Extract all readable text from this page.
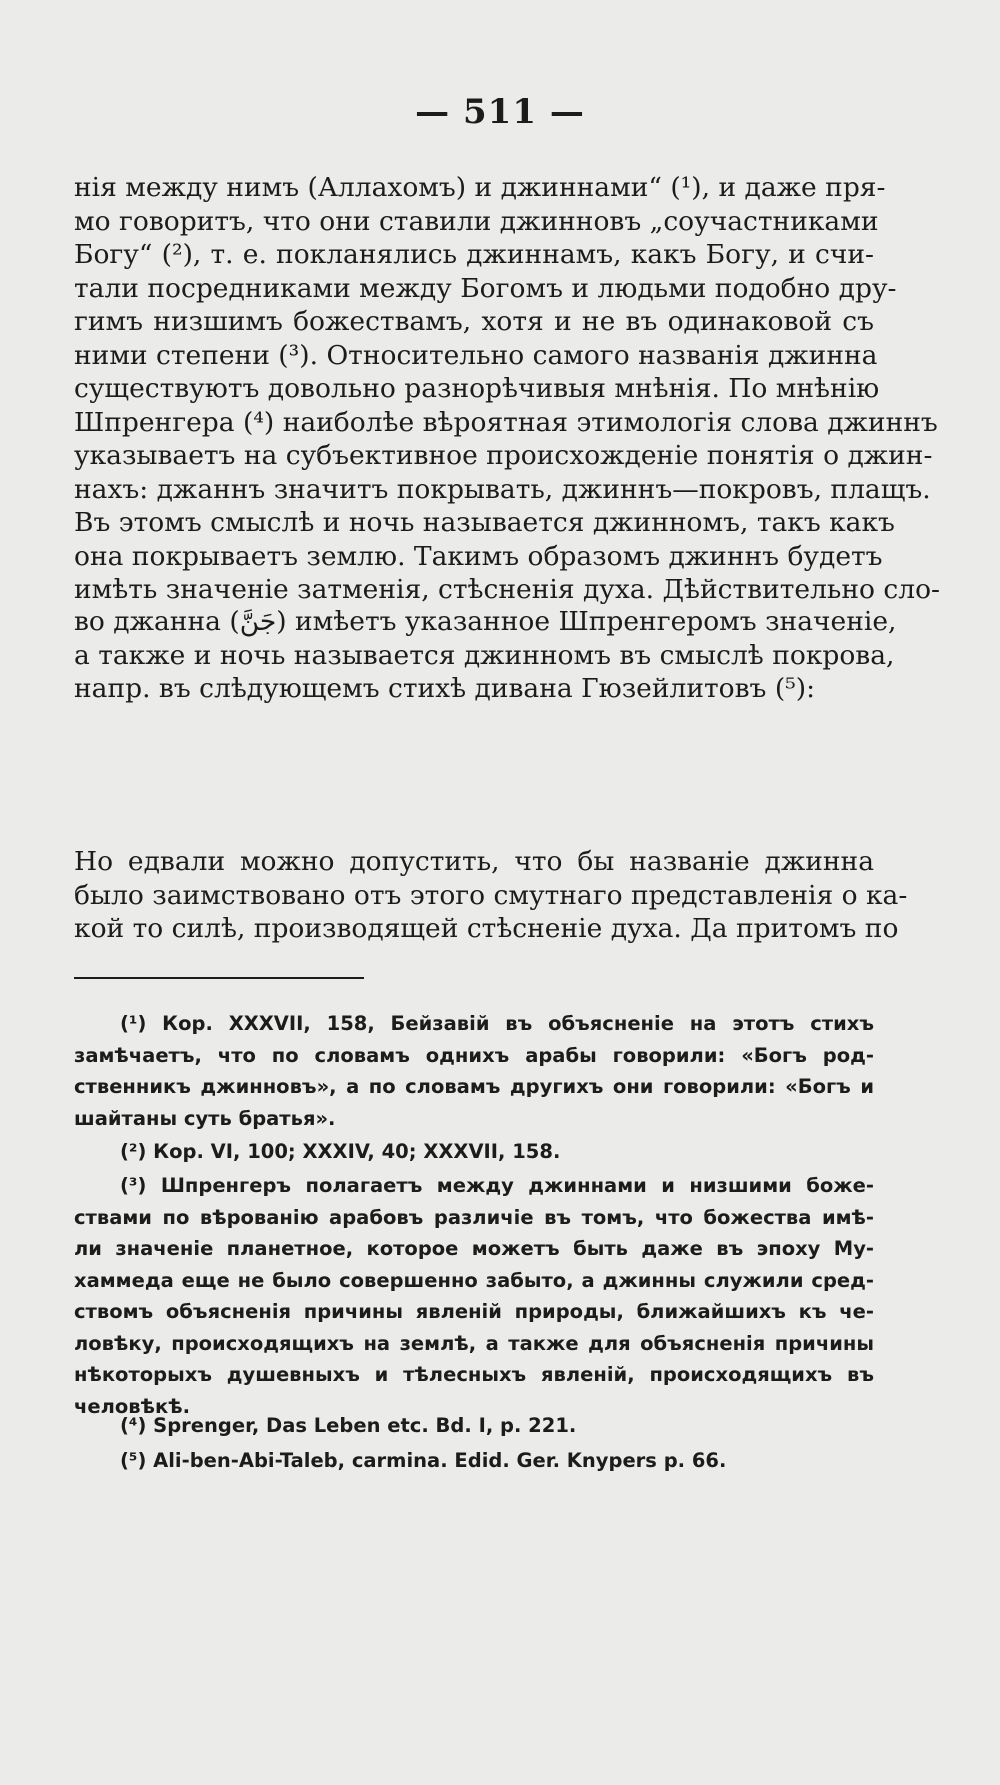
— 511 —
нія между нимъ (Аллахомъ) и джиннами“ (¹), и даже пря-
мо говоритъ, что они ставили джинновъ „соучастниками
Богу“ (²), т. е. покланялись джиннамъ, какъ Богу, и счи-
тали посредниками между Богомъ и людьми подобно дру-
гимъ низшимъ божествамъ, хотя и не въ одинаковой съ
ними степени (³). Относительно самого названія джинна
существуютъ довольно разнорѣчивыя мнѣнія. По мнѣнію
Шпренгера (⁴) наиболѣе вѣроятная этимологія слова джиннъ
указываетъ на субъективное происхожденіе понятія о джин-
нахъ: джаннъ значитъ покрывать, джиннъ—покровъ, плащъ.
Въ этомъ смыслѣ и ночь называется джинномъ, такъ какъ
она покрываетъ землю. Такимъ образомъ джиннъ будетъ
имѣть значеніе затменія, стѣсненія духа. Дѣйствительно сло-
во джанна (جَنَّ) имѣетъ указанное Шпренгеромъ значеніе,
а также и ночь называется джинномъ въ смыслѣ покрова,
напр. въ слѣдующемъ стихѣ дивана Гюзейлитовъ (⁵):
Но едвали можно допустить, что бы названіе джинна
было заимствовано отъ этого смутнаго представленія о ка-
кой то силѣ, производящей стѣсненіе духа. Да притомъ по
(¹) Кор. XXXVII, 158, Бейзавій въ объясненіе на этотъ стихъ
замѣчаетъ, что по словамъ однихъ арабы говорили: «Богъ род-
ственникъ джинновъ», а по словамъ другихъ они говорили: «Богъ и
шайтаны суть братья».
(²) Кор. VI, 100; XXXIV, 40; XXXVII, 158.
(³) Шпренгеръ полагаетъ между джиннами и низшими боже-
ствами по вѣрованію арабовъ различіе въ томъ, что божества имѣ-
ли значеніе планетное, которое можетъ быть даже въ эпоху Му-
хаммеда еще не было совершенно забыто, а джинны служили сред-
ствомъ объясненія причины явленій природы, ближайшихъ къ че-
ловѣку, происходящихъ на землѣ, а также для объясненія причины
нѣкоторыхъ душевныхъ и тѣлесныхъ явленій, происходящихъ въ
человѣкѣ.
(⁴) Sprenger, Das Leben etc. Bd. I, p. 221.
(⁵) Ali-ben-Abi-Taleb, carmina. Edid. Ger. Knypers p. 66.
